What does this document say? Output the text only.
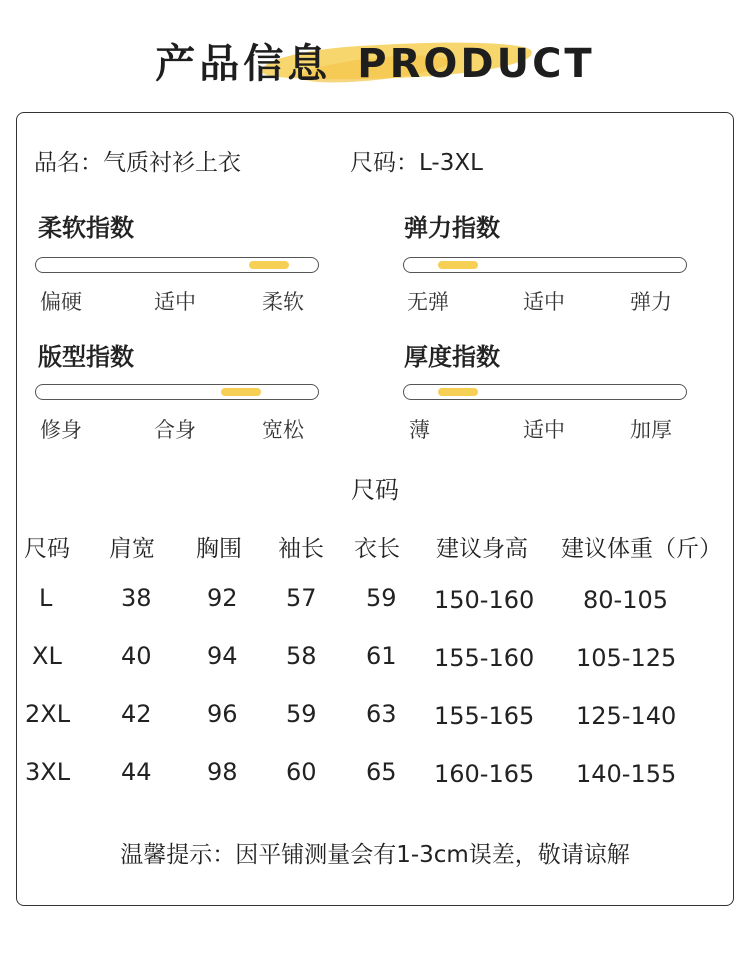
产品信息 PRODUCT
品名：气质衬衫上衣	尺码：L-3XL
柔软指数
偏硬	适中	柔软
弹力指数
无弹	适中	弹力
版型指数
修身	合身	宽松
厚度指数
薄	适中	加厚
尺码
尺码 肩宽 胸围 袖长 衣长 建议身高 建议体重（斤）
L	38 92 57 59 150-160 80-105
XL 40 94 58 61 155-160 105-125
2XL 42 96 59 63 155-165 125-140
3XL 44 98 60 65 160-165 140-155
温馨提示：因平铺测量会有1-3cm误差，敬请谅解
